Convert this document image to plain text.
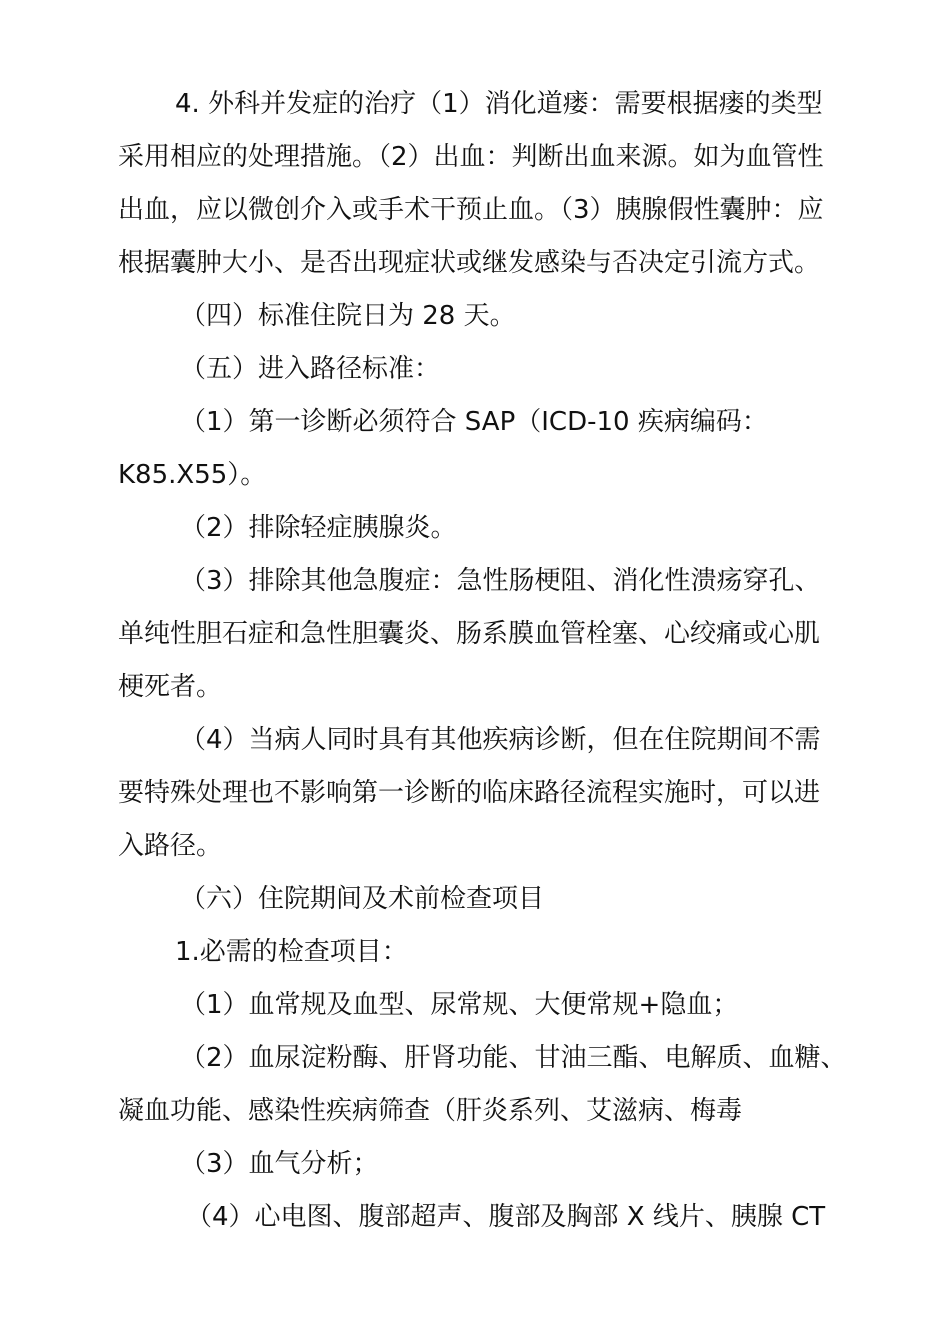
4. 外科并发症的治疗（1）消化道瘘：需要根据瘘的类型
采用相应的处理措施。（2）出血：判断出血来源。如为血管性
出血，应以微创介入或手术干预止血。（3）胰腺假性囊肿：应
根据囊肿大小、是否出现症状或继发感染与否决定引流方式。
（四）标准住院日为 28 天。
（五）进入路径标准：
（1）第一诊断必须符合 SAP（ICD-10 疾病编码：
K85.X55）。
（2）排除轻症胰腺炎。
（3）排除其他急腹症：急性肠梗阻、消化性溃疡穿孔、
单纯性胆石症和急性胆囊炎、肠系膜血管栓塞、心绞痛或心肌
梗死者。
（4）当病人同时具有其他疾病诊断，但在住院期间不需
要特殊处理也不影响第一诊断的临床路径流程实施时，可以进
入路径。
（六）住院期间及术前检查项目
1.必需的检查项目：
（1）血常规及血型、尿常规、大便常规+隐血；
（2）血尿淀粉酶、肝肾功能、甘油三酯、电解质、血糖、
凝血功能、感染性疾病筛查（肝炎系列、艾滋病、梅毒
（3）血气分析；
（4）心电图、腹部超声、腹部及胸部 X 线片、胰腺 CT
